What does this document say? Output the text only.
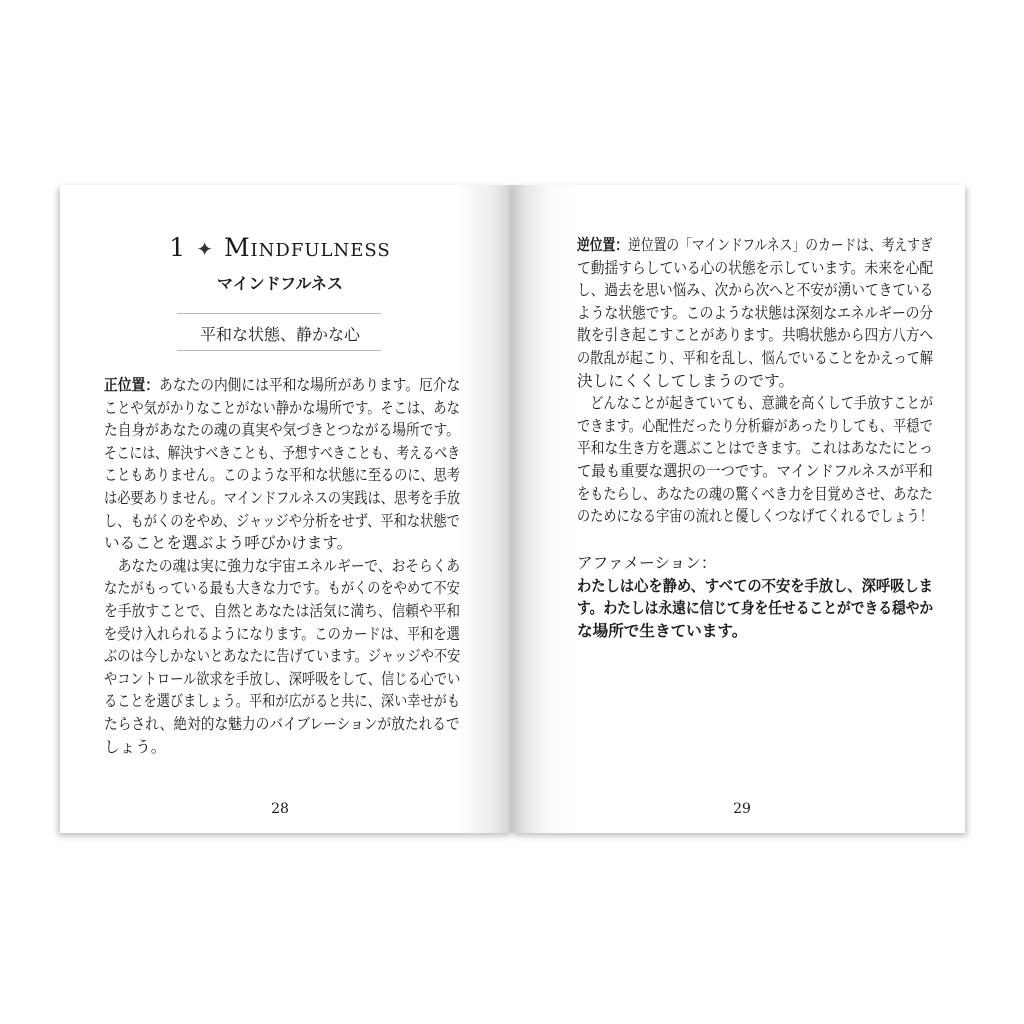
1 ✦ Mindfulness
マインドフルネス
平和な状態、静かな心
正位置：あなたの内側には平和な場所があります。厄介な
ことや気がかりなことがない静かな場所です。そこは、あな
た自身があなたの魂の真実や気づきとつながる場所です。
そこには、解決すべきことも、予想すべきことも、考えるべき
こともありません。このような平和な状態に至るのに、思考
は必要ありません。マインドフルネスの実践は、思考を手放
し、もがくのをやめ、ジャッジや分析をせず、平和な状態で
いることを選ぶよう呼びかけます。
　あなたの魂は実に強力な宇宙エネルギーで、おそらくあ
なたがもっている最も大きな力です。もがくのをやめて不安
を手放すことで、自然とあなたは活気に満ち、信頼や平和
を受け入れられるようになります。このカードは、平和を選
ぶのは今しかないとあなたに告げています。ジャッジや不安
やコントロール欲求を手放し、深呼吸をして、信じる心でい
ることを選びましょう。平和が広がると共に、深い幸せがも
たらされ、絶対的な魅力のバイブレーションが放たれるで
しょう。
28
逆位置：逆位置の「マインドフルネス」のカードは、考えすぎ
て動揺すらしている心の状態を示しています。未来を心配
し、過去を思い悩み、次から次へと不安が湧いてきている
ような状態です。このような状態は深刻なエネルギーの分
散を引き起こすことがあります。共鳴状態から四方八方へ
の散乱が起こり、平和を乱し、悩んでいることをかえって解
決しにくくしてしまうのです。
　どんなことが起きていても、意識を高くして手放すことが
できます。心配性だったり分析癖があったりしても、平穏で
平和な生き方を選ぶことはできます。これはあなたにとっ
て最も重要な選択の一つです。マインドフルネスが平和
をもたらし、あなたの魂の驚くべき力を目覚めさせ、あなた
のためになる宇宙の流れと優しくつなげてくれるでしょう！
アファメーション：
わたしは心を静め、すべての不安を手放し、深呼吸しま
す。わたしは永遠に信じて身を任せることができる穏やか
な場所で生きています。
29
